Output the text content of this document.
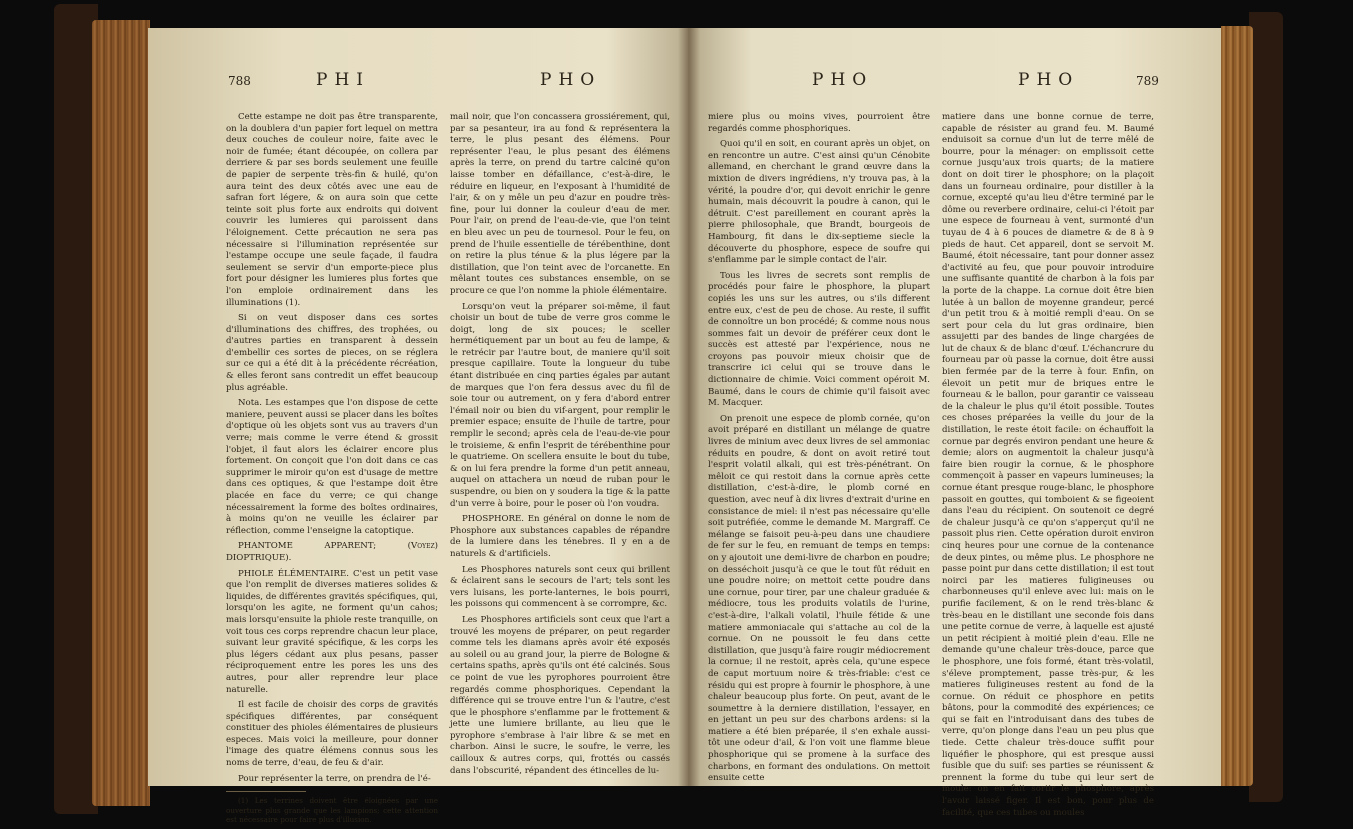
788	PHI	PHO

Cette estampe ne doit pas être transparente, on la doublera d'un papier fort lequel on mettra deux couches de couleur noire, faite avec le noir de fumée; étant découpée, on collera par derriere & par ses bords seulement une feuille de papier de serpente très-fin & huilé, qu'on aura teint des deux côtés avec une eau de safran fort légere, & on aura soin que cette teinte soit plus forte aux endroits qui doivent couvrir les lumieres qui paroissent dans l'éloignement. Cette précaution ne sera pas nécessaire si l'illumination représentée sur l'estampe occupe une seule façade, il faudra seulement se servir d'un emporte-piece plus fort pour désigner les lumieres plus fortes que l'on emploie ordinairement dans les illuminations (1).

Si on veut disposer dans ces sortes d'illuminations des chiffres, des trophées, ou d'autres parties en transparent à dessein d'embellir ces sortes de pieces, on se réglera sur ce qui a été dit à la précédente récréation, & elles feront sans contredit un effet beaucoup plus agréable.

Nota. Les estampes que l'on dispose de cette maniere, peuvent aussi se placer dans les boîtes d'optique où les objets sont vus au travers d'un verre; mais comme le verre étend & grossit l'objet, il faut alors les éclairer encore plus fortement. On conçoit que l'on doit dans ce cas supprimer le miroir qu'on est d'usage de mettre dans ces optiques, & que l'estampe doit être placée en face du verre; ce qui change nécessairement la forme des boîtes ordinaires, à moins qu'on ne veuille les éclairer par réflection, comme l'enseigne la catoptique.

PHANTOME APPARENT; (Voyez) DIOPTRIQUE).

PHIOLE ÉLÉMENTAIRE. C'est un petit vase que l'on remplit de diverses matieres solides & liquides, de différentes gravités spécifiques, qui, lorsqu'on les agite, ne forment qu'un cahos; mais lorsqu'ensuite la phiole reste tranquille, on voit tous ces corps reprendre chacun leur place, suivant leur gravité spécifique, & les corps les plus légers cédant aux plus pesans, passer réciproquement entre les pores les uns des autres, pour aller reprendre leur place naturelle.

Il est facile de choisir des corps de gravités spécifiques différentes, par conséquent constituer des phioles élémentaires de plusieurs especes. Mais voici la meilleure, pour donner l'image des quatre élémens connus sous les noms de terre, d'eau, de feu & d'air.

Pour représenter la terre, on prendra de l'é-

(1) Les terrines doivent être éloignées par une ouverture plus grande que les lampions; cette attention est nécessaire pour faire plus d'illusion.

mail noir, que l'on concassera grossiérement, qui, par sa pesanteur, ira au fond & représentera la terre, le plus pesant des élémens. Pour représenter l'eau, le plus pesant des élémens après la terre, on prend du tartre calciné qu'on laisse tomber en défaillance, c'est-à-dire, le réduire en liqueur, en l'exposant à l'humidité de l'air, & on y mêle un peu d'azur en poudre très-fine, pour lui donner la couleur d'eau de mer. Pour l'air, on prend de l'eau-de-vie, que l'on teint en bleu avec un peu de tournesol. Pour le feu, on prend de l'huile essentielle de térébenthine, dont on retire la plus ténue & la plus légere par la distillation, que l'on teint avec de l'orcanette. En mêlant toutes ces substances ensemble, on se procure ce que l'on nomme la phiole élémentaire.

Lorsqu'on veut la préparer soi-même, il faut choisir un bout de tube de verre gros comme le doigt, long de six pouces; le sceller hermétiquement par un bout au feu de lampe, & le retrécir par l'autre bout, de maniere qu'il soit presque capillaire. Toute la longueur du tube étant distribuée en cinq parties égales par autant de marques que l'on fera dessus avec du fil de soie tour ou autrement, on y fera d'abord entrer l'émail noir ou bien du vif-argent, pour remplir le premier espace; ensuite de l'huile de tartre, pour remplir le second; après cela de l'eau-de-vie pour le troisieme, & enfin l'esprit de térébenthine pour le quatrieme. On scellera ensuite le bout du tube, & on lui fera prendre la forme d'un petit anneau, auquel on attachera un nœud de ruban pour le suspendre, ou bien on y soudera la tige & la patte d'un verre à boire, pour le poser où l'on voudra.

PHOSPHORE. En général on donne le nom de Phosphore aux substances capables de répandre de la lumiere dans les ténebres. Il y en a de naturels & d'artificiels.

Les Phosphores naturels sont ceux qui brillent & éclairent sans le secours de l'art; tels sont les vers luisans, les porte-lanternes, le bois pourri, les poissons qui commencent à se corrompre, &c.

Les Phosphores artificiels sont ceux que l'art a trouvé les moyens de préparer, on peut regarder comme tels les diamans après avoir été exposés au soleil ou au grand jour, la pierre de Bologne & certains spaths, après qu'ils ont été calcinés. Sous ce point de vue les pyrophores pourroient être regardés comme phosphoriques. Cependant la différence qui se trouve entre l'un & l'autre, c'est que le phosphore s'enflamme par le frottement & jette une lumiere brillante, au lieu que le pyrophore s'embrase à l'air libre & se met en charbon. Ainsi le sucre, le soufre, le verre, les cailloux & autres corps, qui, frottés ou cassés dans l'obscurité, répandent des étincelles de lu-

PHO	PHO	789

miere plus ou moins vives, pourroient être regardés comme phosphoriques.

Quoi qu'il en soit, en courant après un objet, on en rencontre un autre. C'est ainsi qu'un Cénobite allemand, en cherchant le grand œuvre dans la mixtion de divers ingrédiens, n'y trouva pas, à la vérité, la poudre d'or, qui devoit enrichir le genre humain, mais découvrit la poudre à canon, qui le détruit. C'est pareillement en courant après la pierre philosophale, que Brandt, bourgeois de Hambourg, fit dans le dix-septieme siecle la découverte du phosphore, espece de soufre qui s'enflamme par le simple contact de l'air.

Tous les livres de secrets sont remplis de procédés pour faire le phosphore, la plupart copiés les uns sur les autres, ou s'ils different entre eux, c'est de peu de chose. Au reste, il suffit de connoître un bon procédé; & comme nous nous sommes fait un devoir de préférer ceux dont le succès est attesté par l'expérience, nous ne croyons pas pouvoir mieux choisir que de transcrire ici celui qui se trouve dans le dictionnaire de chimie. Voici comment opéroit M. Baumé, dans le cours de chimie qu'il faisoit avec M. Macquer.

On prenoit une espece de plomb cornée, qu'on avoit préparé en distillant un mélange de quatre livres de minium avec deux livres de sel ammoniac réduits en poudre, & dont on avoit retiré tout l'esprit volatil alkali, qui est très-pénétrant. On mêloit ce qui restoit dans la cornue après cette distillation, c'est-à-dire, le plomb corné en question, avec neuf à dix livres d'extrait d'urine en consistance de miel: il n'est pas nécessaire qu'elle soit putréfiée, comme le demande M. Margraff. Ce mélange se faisoit peu-à-peu dans une chaudiere de fer sur le feu, en remuant de temps en temps: on y ajoutoit une demi-livre de charbon en poudre; on desséchoit jusqu'à ce que le tout fût réduit en une poudre noire; on mettoit cette poudre dans une cornue, pour tirer, par une chaleur graduée & médiocre, tous les produits volatils de l'urine, c'est-à-dire, l'alkali volatil, l'huile fétide & une matiere ammoniacale qui s'attache au col de la cornue. On ne poussoit le feu dans cette distillation, que jusqu'à faire rougir médiocrement la cornue; il ne restoit, après cela, qu'une espece de caput mortuum noire & très-friable: c'est ce résidu qui est propre à fournir le phosphore, à une chaleur beaucoup plus forte. On peut, avant de le soumettre à la derniere distillation, l'essayer, en en jettant un peu sur des charbons ardens: si la matiere a été bien préparée, il s'en exhale aussi-tôt une odeur d'ail, & l'on voit une flamme bleue phosphorique qui se promene à la surface des charbons, en formant des ondulations. On mettoit ensuite cette

matiere dans une bonne cornue de terre, capable de résister au grand feu. M. Baumé enduisoit sa cornue d'un lut de terre mêlé de bourre, pour la ménager: on emplissoit cette cornue jusqu'aux trois quarts; de la matiere dont on doit tirer le phosphore; on la plaçoit dans un fourneau ordinaire, pour distiller à la cornue, excepté qu'au lieu d'être terminé par le dôme ou reverbere ordinaire, celui-ci l'étoit par une espece de fourneau à vent, surmonté d'un tuyau de 4 à 6 pouces de diametre & de 8 à 9 pieds de haut. Cet appareil, dont se servoit M. Baumé, étoit nécessaire, tant pour donner assez d'activité au feu, que pour pouvoir introduire une suffisante quantité de charbon à la fois par la porte de la chappe. La cornue doit être bien lutée à un ballon de moyenne grandeur, percé d'un petit trou & à moitié rempli d'eau. On se sert pour cela du lut gras ordinaire, bien assujetti par des bandes de linge chargées de lut de chaux & de blanc d'œuf. L'échancrure du fourneau par où passe la cornue, doit être aussi bien fermée par de la terre à four. Enfin, on élevoit un petit mur de briques entre le fourneau & le ballon, pour garantir ce vaisseau de la chaleur le plus qu'il étoit possible. Toutes ces choses préparées la veille du jour de la distillation, le reste étoit facile: on échauffoit la cornue par degrés environ pendant une heure & demie; alors on augmentoit la chaleur jusqu'à faire bien rougir la cornue, & le phosphore commençoit à passer en vapeurs lumineuses; la cornue étant presque rouge-blanc, le phosphore passoit en gouttes, qui tomboient & se figeoient dans l'eau du récipient. On soutenoit ce degré de chaleur jusqu'à ce qu'on s'apperçut qu'il ne passoit plus rien. Cette opération duroit environ cinq heures pour une cornue de la contenance de deux pintes, ou même plus. Le phosphore ne passe point pur dans cette distillation; il est tout noirci par les matieres fuligineuses ou charbonneuses qu'il enleve avec lui: mais on le purifie facilement, & on le rend très-blanc & très-beau en le distillant une seconde fois dans une petite cornue de verre, à laquelle est ajusté un petit récipient à moitié plein d'eau. Elle ne demande qu'une chaleur très-douce, parce que le phosphore, une fois formé, étant très-volatil, s'éleve promptement, passe très-pur, & les matieres fuligineuses restent au fond de la cornue. On réduit ce phosphore en petits bâtons, pour la commodité des expériences; ce qui se fait en l'introduisant dans des tubes de verre, qu'on plonge dans l'eau un peu plus que tiede. Cette chaleur très-douce suffit pour liquéfier le phosphore, qui est presque aussi fusible que du suif: ses parties se réunissent & prennent la forme du tube qui leur sert de moule: on en fait sortir le phosphore, après l'avoir laissé figer. Il est bon, pour plus de facilité, que ces tubes ou moules
